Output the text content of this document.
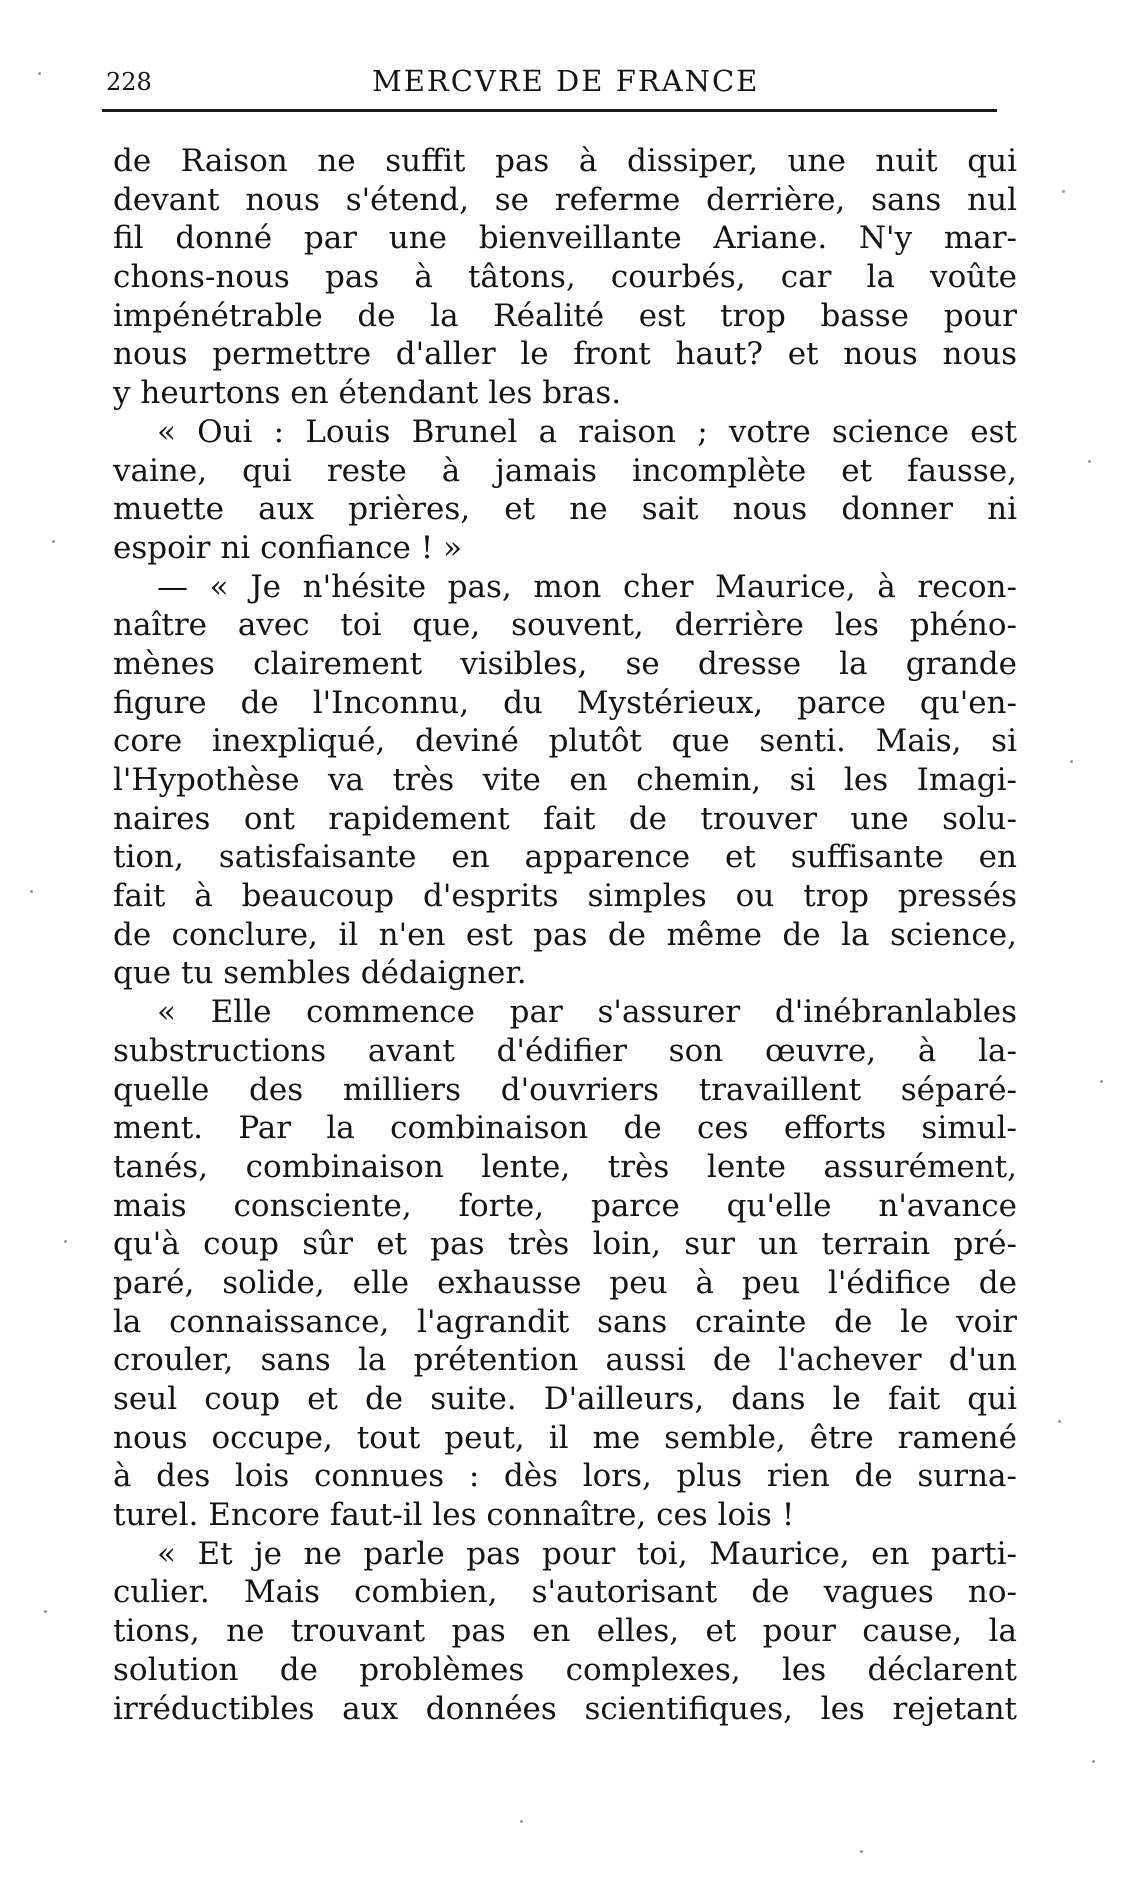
228	MERCVRE DE FRANCE
de Raison ne suffit pas à dissiper, une nuit qui
devant nous s'étend, se referme derrière, sans nul
fil donné par une bienveillante Ariane. N'y mar-
chons-nous pas à tâtons, courbés, car la voûte
impénétrable de la Réalité est trop basse pour
nous permettre d'aller le front haut? et nous nous
y heurtons en étendant les bras.
« Oui : Louis Brunel a raison ; votre science est
vaine, qui reste à jamais incomplète et fausse,
muette aux prières, et ne sait nous donner ni
espoir ni confiance ! »
— « Je n'hésite pas, mon cher Maurice, à recon-
naître avec toi que, souvent, derrière les phéno-
mènes clairement visibles, se dresse la grande
figure de l'Inconnu, du Mystérieux, parce qu'en-
core inexpliqué, deviné plutôt que senti. Mais, si
l'Hypothèse va très vite en chemin, si les Imagi-
naires ont rapidement fait de trouver une solu-
tion, satisfaisante en apparence et suffisante en
fait à beaucoup d'esprits simples ou trop pressés
de conclure, il n'en est pas de même de la science,
que tu sembles dédaigner.
« Elle commence par s'assurer d'inébranlables
substructions avant d'édifier son œuvre, à la-
quelle des milliers d'ouvriers travaillent séparé-
ment. Par la combinaison de ces efforts simul-
tanés, combinaison lente, très lente assurément,
mais consciente, forte, parce qu'elle n'avance
qu'à coup sûr et pas très loin, sur un terrain pré-
paré, solide, elle exhausse peu à peu l'édifice de
la connaissance, l'agrandit sans crainte de le voir
crouler, sans la prétention aussi de l'achever d'un
seul coup et de suite. D'ailleurs, dans le fait qui
nous occupe, tout peut, il me semble, être ramené
à des lois connues : dès lors, plus rien de surna-
turel. Encore faut-il les connaître, ces lois !
« Et je ne parle pas pour toi, Maurice, en parti-
culier. Mais combien, s'autorisant de vagues no-
tions, ne trouvant pas en elles, et pour cause, la
solution de problèmes complexes, les déclarent
irréductibles aux données scientifiques, les rejetant
